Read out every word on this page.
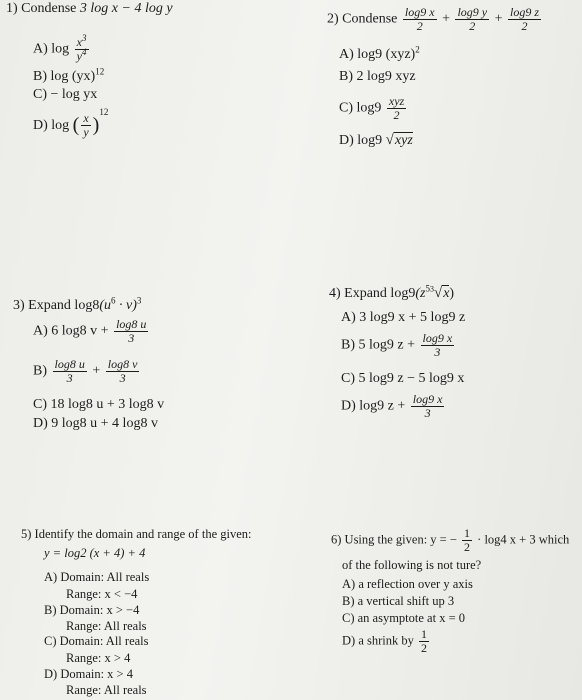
1) Condense 3 log x − 4 log y
A) $\log \frac{x^3}{y^4}$
B) log (yx)$^{12}$
C) − log yx
D) log ( $\frac{x}{y} )^{12}$
2) Condense $\frac{\log 9 x}{2} + \frac{\log 9 y}{2} + \frac{\log 9 z}{2}$
A) log9 (xyz)$^2$
B) 2 log9 xyz
C) $\log 9 \frac{\text{xyz}}{2}$
D) log9 √xyz
3) Expand $\log 8(u^6 \cdot v)^3$
A) 6 log8 $v + \frac{\log 8 u}{3}$
$B) \frac{\log 8 u}{3} + \frac{\log 8 v}{3}$
C) 18 log8 u + 3 log8 v
D) 9 log8 u + 4 log8 v
4) Expand $\log 9(z^{53}√x)$
A) 3 log9 x + 5 log9 z
B) 5 log9 $z + \frac{\log 9 x}{3}$
C) 5 log9 z − 5 log9 x
D) log9 $z + \frac{\log 9 x}{3}$
5) Identify the domain and range of the given:
y = log2 (x + 4) + 4
A) Domain: All reals
Range: x < −4
B) Domain: x > −4
Range: All reals
C) Domain: All reals
Range: x > 4
D) Domain: x > 4
Range: All reals
6) Using the given: y = − $\frac{1}{2} \cdot \log 4$ x + 3 which
of the following is not ture?
A) a reflection over y axis
B) a vertical shift up 3
C) an asymptote at x = 0
D) a shrink by $\frac{1}{2}$
